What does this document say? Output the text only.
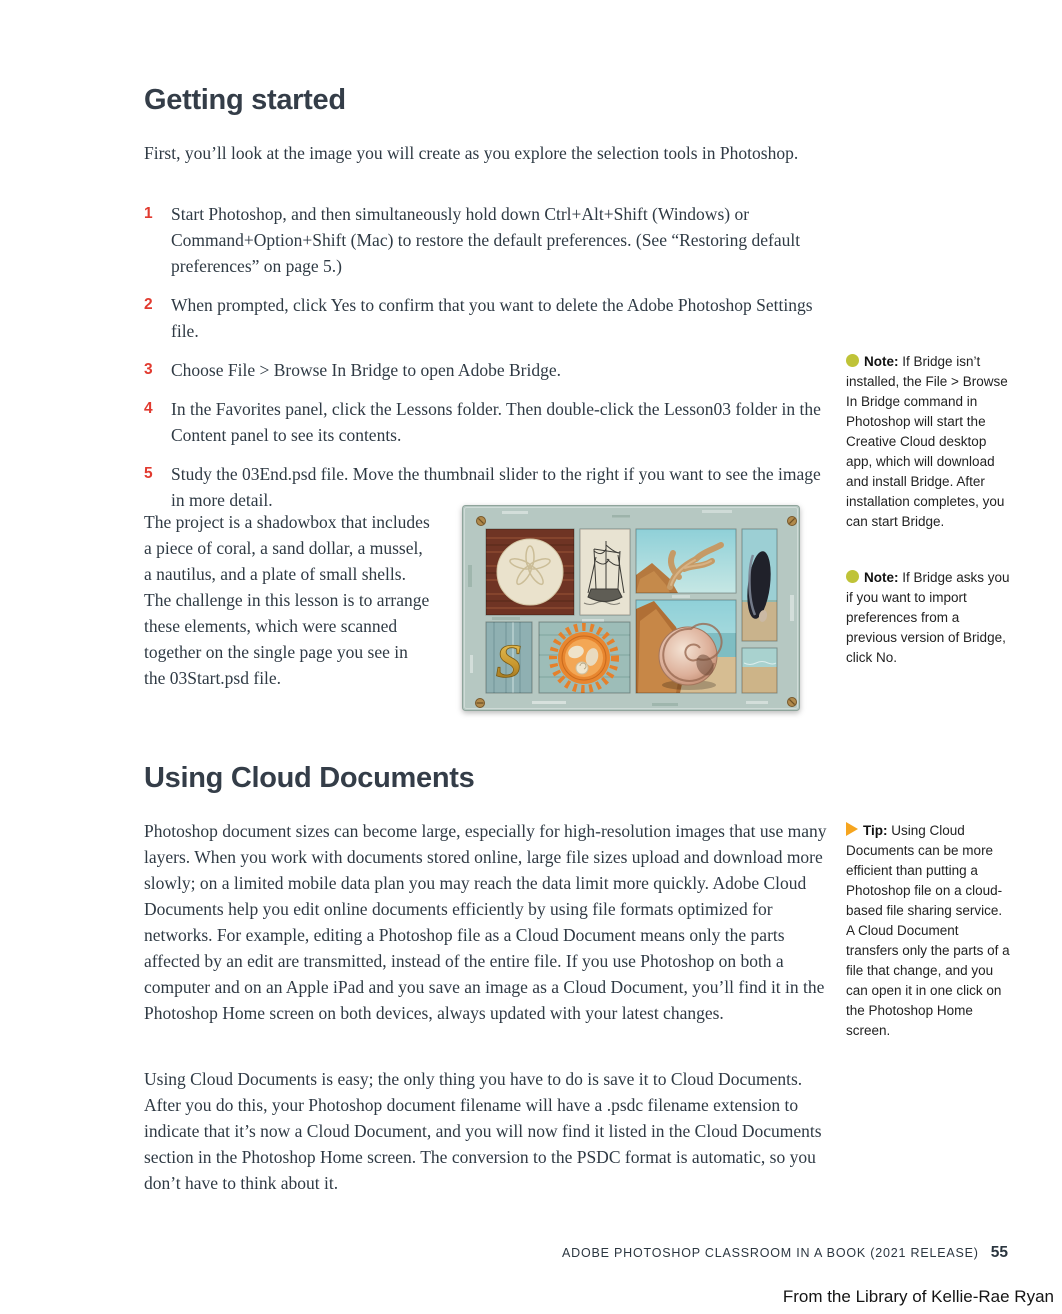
Getting started

First, you’ll look at the image you will create as you explore the selection tools in Photoshop.

1 Start Photoshop, and then simultaneously hold down Ctrl+Alt+Shift (Windows) or Command+Option+Shift (Mac) to restore the default preferences. (See “Restoring default preferences” on page 5.)
2 When prompted, click Yes to confirm that you want to delete the Adobe Photoshop Settings file.
3 Choose File > Browse In Bridge to open Adobe Bridge.
4 In the Favorites panel, click the Lessons folder. Then double-click the Lesson03 folder in the Content panel to see its contents.
5 Study the 03End.psd file. Move the thumbnail slider to the right if you want to see the image in more detail.

The project is a shadowbox that includes a piece of coral, a sand dollar, a mussel, a nautilus, and a plate of small shells. The challenge in this lesson is to arrange these elements, which were scanned together on the single page you see in the 03Start.psd file.	S
Note: If Bridge isn’t installed, the File > Browse In Bridge command in Photoshop will start the Creative Cloud desktop app, which will download and install Bridge. After installation completes, you can start Bridge.
Note: If Bridge asks you if you want to import preferences from a previous version of Bridge, click No.
Using Cloud Documents

Photoshop document sizes can become large, especially for high-resolution images that use many layers. When you work with documents stored online, large file sizes upload and download more slowly; on a limited mobile data plan you may reach the data limit more quickly. Adobe Cloud Documents help you edit online documents efficiently by using file formats optimized for networks. For example, editing a Photoshop file as a Cloud Document means only the parts affected by an edit are transmitted, instead of the entire file. If you use Photoshop on both a computer and on an Apple iPad and you save an image as a Cloud Document, you’ll find it in the Photoshop Home screen on both devices, always updated with your latest changes.

Using Cloud Documents is easy; the only thing you have to do is save it to Cloud Documents. After you do this, your Photoshop document filename will have a .psdc filename extension to indicate that it’s now a Cloud Document, and you will now find it listed in the Cloud Documents section in the Photoshop Home screen. The conversion to the PSDC format is automatic, so you don’t have to think about it.

Tip: Using Cloud Documents can be more efficient than putting a Photoshop file on a cloud-based file sharing service. A Cloud Document transfers only the parts of a file that change, and you can open it in one click on the Photoshop Home screen.
ADOBE PHOTOSHOP CLASSROOM IN A BOOK (2021 RELEASE) 55
From the Library of Kellie-Rae Ryan
